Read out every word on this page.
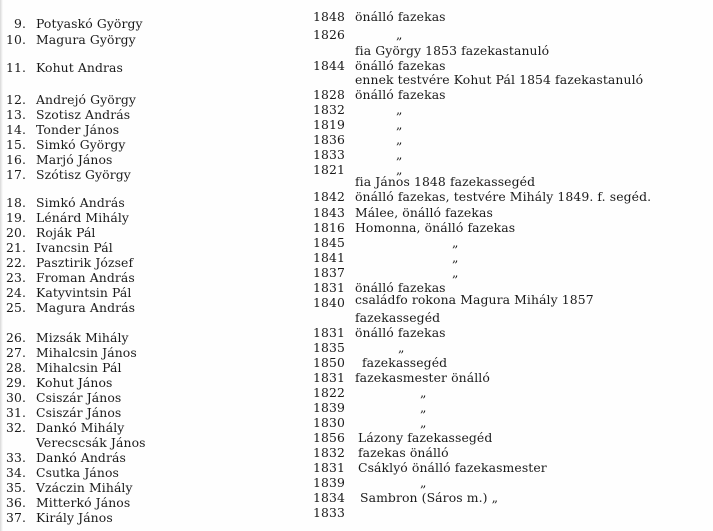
9. Potyaskó György	1848 önálló fazekas
10. Magura György	1826	„
fia György 1853 fazekastanuló
11. Kohut Andras	1844 önálló fazekas
ennek testvére Kohut Pál 1854 fazekastanuló
12. Andrejó György	1828 önálló fazekas
13. Szotisz András	1832	„
14. Tonder János	1819	„
15. Simkó György	1836	„
16. Marjó János	1833	„
17. Szótisz György	1821	„
fia János 1848 fazekassegéd
18. Simkó András	1842 önálló fazekas, testvére Mihály 1849. f. segéd.
19. Lénárd Mihály	1843 Málee, önálló fazekas
20. Roják Pál	1816 Homonna, önálló fazekas
21. Ivancsin Pál	1845	„
22. Pasztirik József	1841	„
23. Froman András	1837	„
24. Katyvintsin Pál	1831 önálló fazekas
25. Magura András	1840 családfo rokona Magura Mihály 1857
fazekassegéd
26. Mizsák Mihály	1831 önálló fazekas
27. Mihalcsin János	1835	„
28. Mihalcsin Pál	1850 fazekassegéd
29. Kohut János	1831 fazekasmester önálló
30. Csiszár János	1822	„
31. Csiszár János	1839	„
32. Dankó Mihály	1830	„
Verecscsák János	1856 Lázony fazekassegéd
33. Dankó András	1832 fazekas önálló
34. Csutka János	1831 Csáklyó önálló fazekasmester
35. Vzáczin Mihály	1839	„
36. Mitterkó János	1834 Sambron (Sáros m.) „
37. Király János	1833
